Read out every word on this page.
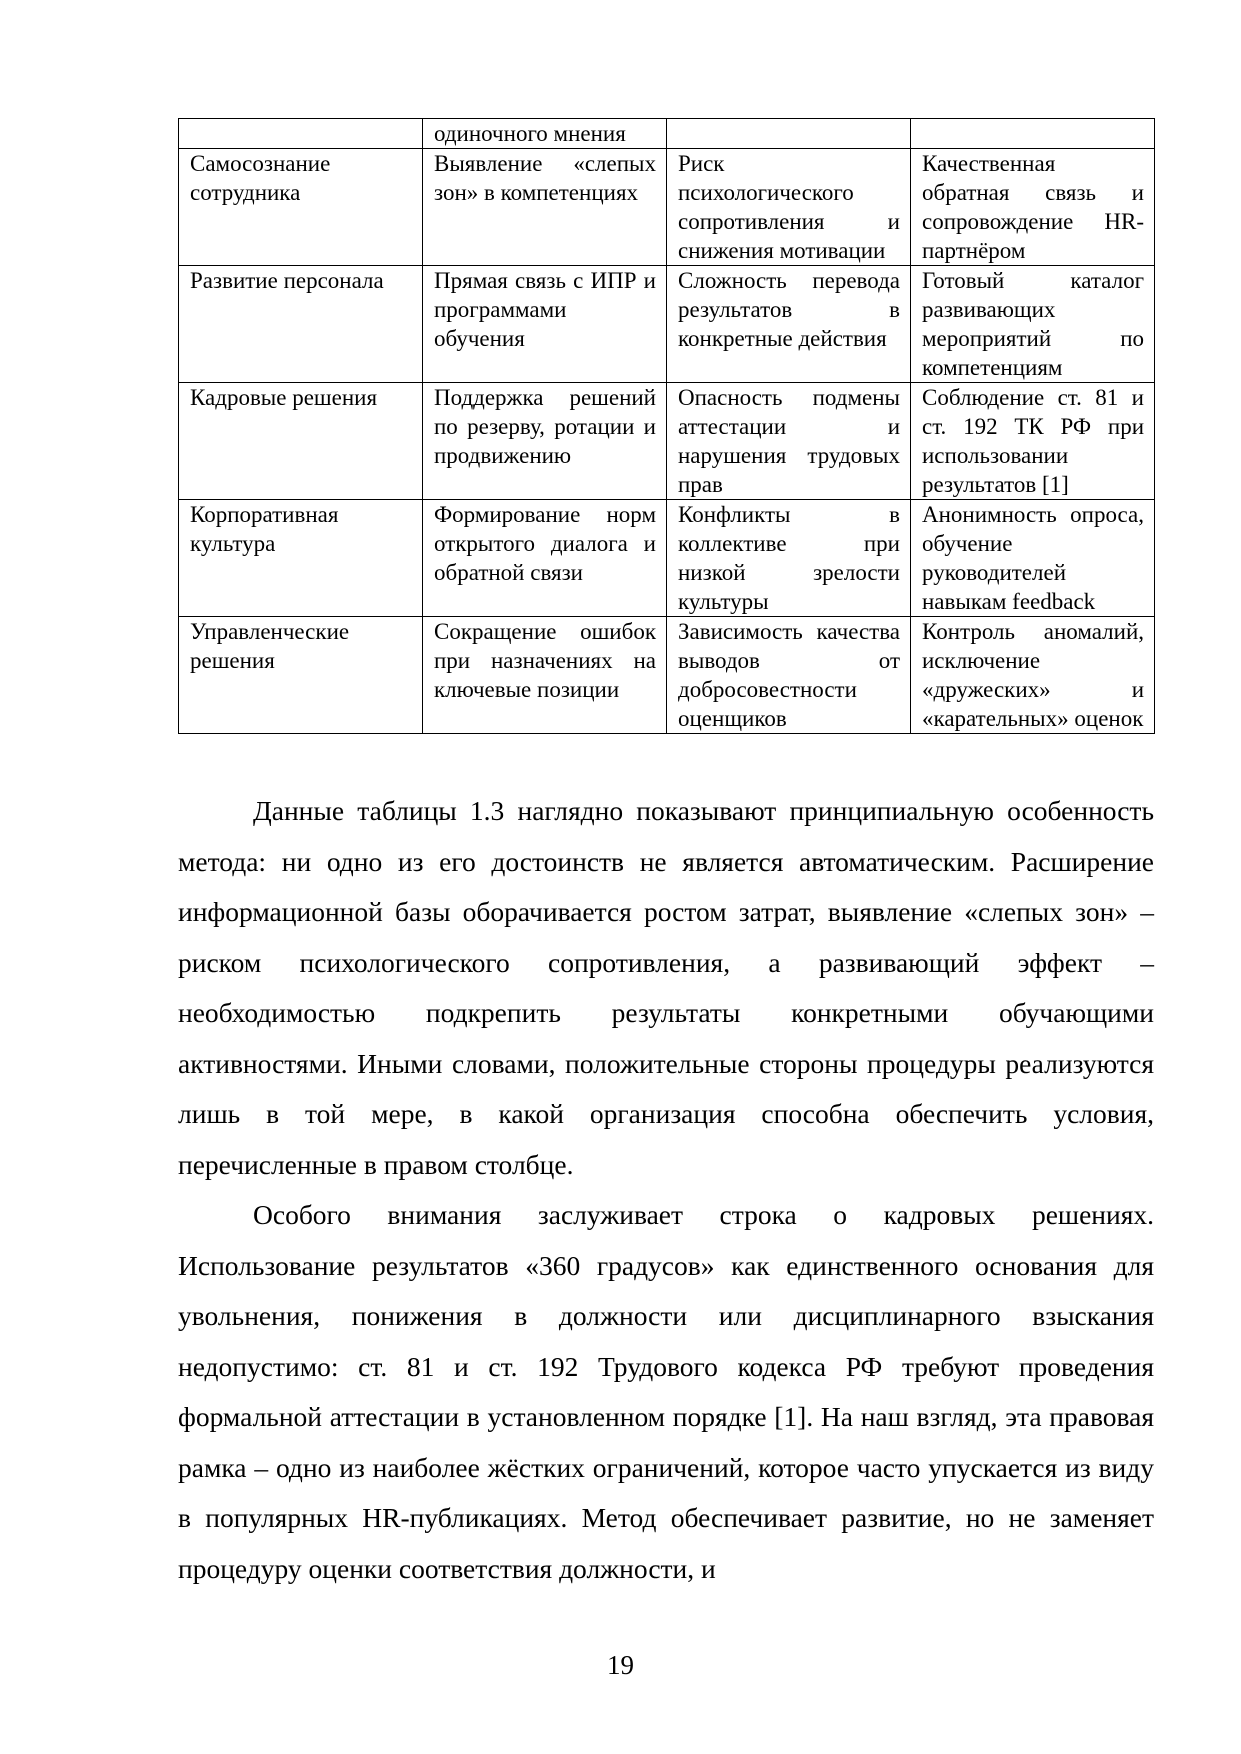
	одиночного мнения		
Самосознание сотрудника	Выявление «слепых зон» в компетенциях	Риск психологического сопротивления и снижения мотивации	Качественная обратная связь и сопровождение HR-партнёром
Развитие персонала	Прямая связь с ИПР и программами обучения	Сложность перевода результатов в конкретные действия	Готовый каталог развивающих мероприятий по компетенциям
Кадровые решения	Поддержка решений по резерву, ротации и продвижению	Опасность подмены аттестации и нарушения трудовых прав	Соблюдение ст. 81 и ст. 192 ТК РФ при использовании результатов [1]
Корпоративная культура	Формирование норм открытого диалога и обратной связи	Конфликты в коллективе при низкой зрелости культуры	Анонимность опроса, обучение руководителей навыкам feedback
Управленческие решения	Сокращение ошибок при назначениях на ключевые позиции	Зависимость качества выводов от добросовестности оценщиков	Контроль аномалий, исключение «дружеских» и «карательных» оценок

Данные таблицы 1.3 наглядно показывают принципиальную особенность метода: ни одно из его достоинств не является автоматическим. Расширение информационной базы оборачивается ростом затрат, выявление «слепых зон» – риском психологического сопротивления, а развивающий эффект – необходимостью подкрепить результаты конкретными обучающими активностями. Иными словами, положительные стороны процедуры реализуются лишь в той мере, в какой организация способна обеспечить условия, перечисленные в правом столбце.

Особого внимания заслуживает строка о кадровых решениях. Использование результатов «360 градусов» как единственного основания для увольнения, понижения в должности или дисциплинарного взыскания недопустимо: ст. 81 и ст. 192 Трудового кодекса РФ требуют проведения формальной аттестации в установленном порядке [1]. На наш взгляд, эта правовая рамка – одно из наиболее жёстких ограничений, которое часто упускается из виду в популярных HR-публикациях. Метод обеспечивает развитие, но не заменяет процедуру оценки соответствия должности, и

19
